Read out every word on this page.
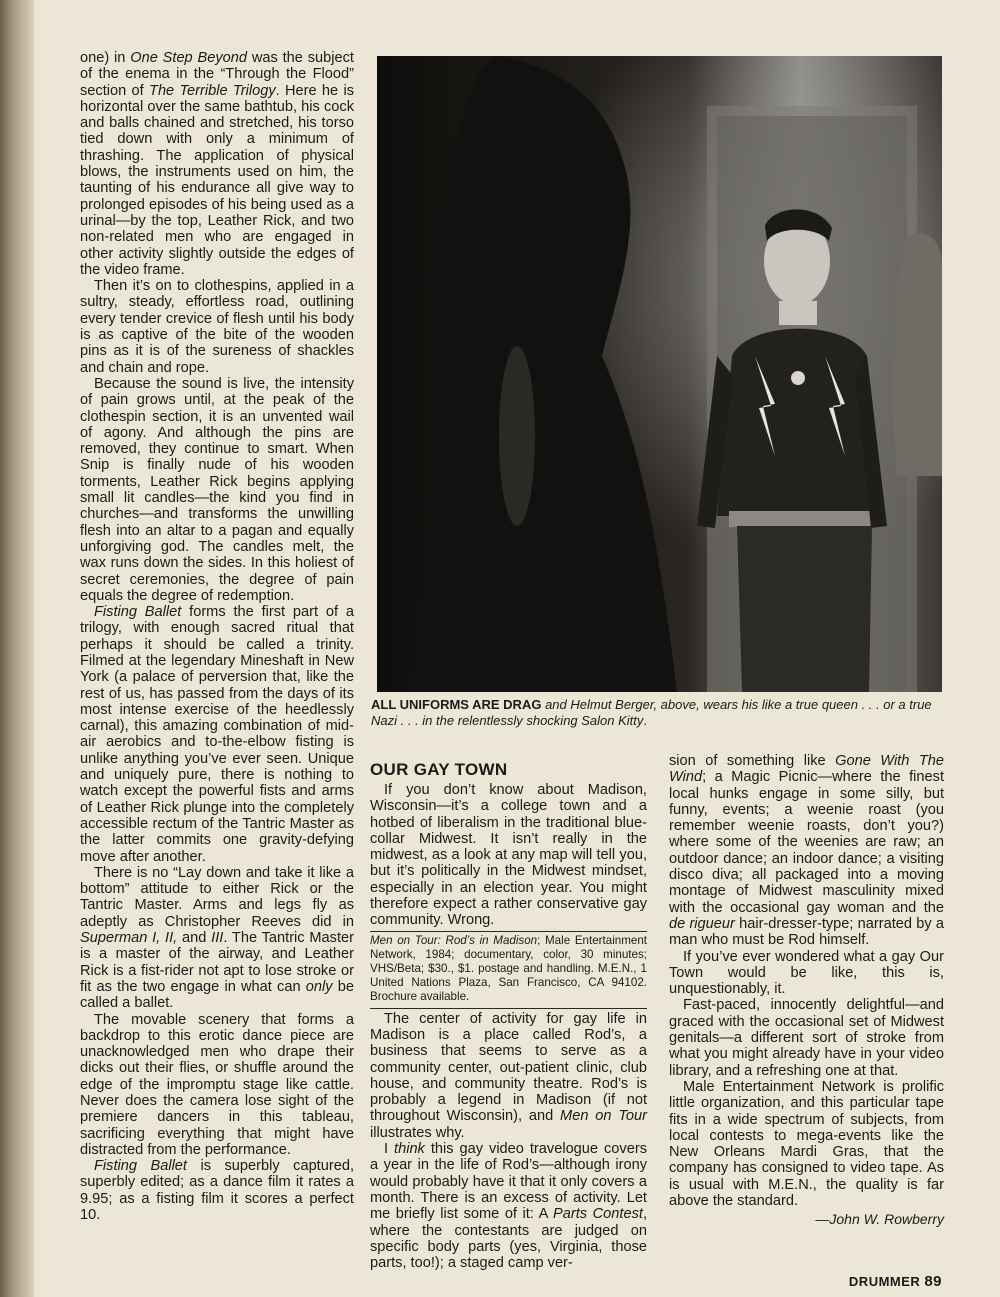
one) in One Step Beyond was the subject of the enema in the “Through the Flood” section of The Terrible Trilogy. Here he is horizontal over the same bathtub, his cock and balls chained and stretched, his torso tied down with only a minimum of thrashing. The application of physical blows, the instruments used on him, the taunting of his endurance all give way to prolonged episodes of his being used as a urinal—by the top, Leather Rick, and two non-related men who are engaged in other activity slightly outside the edges of the video frame.

Then it’s on to clothespins, applied in a sultry, steady, effortless road, outlining every tender crevice of flesh until his body is as captive of the bite of the wooden pins as it is of the sureness of shackles and chain and rope.

Because the sound is live, the intensity of pain grows until, at the peak of the clothespin section, it is an unvented wail of agony. And although the pins are removed, they continue to smart. When Snip is finally nude of his wooden torments, Leather Rick begins applying small lit candles—the kind you find in churches—and transforms the unwilling flesh into an altar to a pagan and equally unforgiving god. The candles melt, the wax runs down the sides. In this holiest of secret ceremonies, the degree of pain equals the degree of redemption.

Fisting Ballet forms the first part of a trilogy, with enough sacred ritual that perhaps it should be called a trinity. Filmed at the legendary Mineshaft in New York (a palace of perversion that, like the rest of us, has passed from the days of its most intense exercise of the heedlessly carnal), this amazing combination of mid-air aerobics and to-the-elbow fisting is unlike anything you’ve ever seen. Unique and uniquely pure, there is nothing to watch except the powerful fists and arms of Leather Rick plunge into the completely accessible rectum of the Tantric Master as the latter commits one gravity-defying move after another.

There is no “Lay down and take it like a bottom” attitude to either Rick or the Tantric Master. Arms and legs fly as adeptly as Christopher Reeves did in Superman I, II, and III. The Tantric Master is a master of the airway, and Leather Rick is a fist-rider not apt to lose stroke or fit as the two engage in what can only be called a ballet.

The movable scenery that forms a backdrop to this erotic dance piece are unacknowledged men who drape their dicks out their flies, or shuffle around the edge of the impromptu stage like cattle. Never does the camera lose sight of the premiere dancers in this tableau, sacrificing everything that might have distracted from the performance.

Fisting Ballet is superbly captured, superbly edited; as a dance film it rates a 9.95; as a fisting film it scores a perfect 10.

ALL UNIFORMS ARE DRAG and Helmut Berger, above, wears his like a true queen . . . or a true Nazi . . . in the relentlessly shocking Salon Kitty.
OUR GAY TOWN

If you don’t know about Madison, Wisconsin—it’s a college town and a hotbed of liberalism in the traditional blue-collar Midwest. It isn’t really in the midwest, as a look at any map will tell you, but it’s politically in the Midwest mindset, especially in an election year. You might therefore expect a rather conservative gay community. Wrong.

Men on Tour: Rod’s in Madison; Male Entertainment Network, 1984; documentary, color, 30 minutes; VHS/Beta; $30., $1. postage and handling. M.E.N., 1 United Nations Plaza, San Francisco, CA 94102. Brochure available.

The center of activity for gay life in Madison is a place called Rod’s, a business that seems to serve as a community center, out-patient clinic, club house, and community theatre. Rod’s is probably a legend in Madison (if not throughout Wisconsin), and Men on Tour illustrates why.

I think this gay video travelogue covers a year in the life of Rod’s—although irony would probably have it that it only covers a month. There is an excess of activity. Let me briefly list some of it: A Parts Contest, where the contestants are judged on specific body parts (yes, Virginia, those parts, too!); a staged camp ver-

sion of something like Gone With The Wind; a Magic Picnic—where the finest local hunks engage in some silly, but funny, events; a weenie roast (you remember weenie roasts, don’t you?) where some of the weenies are raw; an outdoor dance; an indoor dance; a visiting disco diva; all packaged into a moving montage of Midwest masculinity mixed with the occasional gay woman and the de rigueur hair-dresser-type; narrated by a man who must be Rod himself.

If you’ve ever wondered what a gay Our Town would be like, this is, unquestionably, it.

Fast-paced, innocently delightful—and graced with the occasional set of Midwest genitals—a different sort of stroke from what you might already have in your video library, and a refreshing one at that.

Male Entertainment Network is prolific little organization, and this particular tape fits in a wide spectrum of subjects, from local contests to mega-events like the New Orleans Mardi Gras, that the company has consigned to video tape. As is usual with M.E.N., the quality is far above the standard.

—John W. Rowberry
DRUMMER 89
